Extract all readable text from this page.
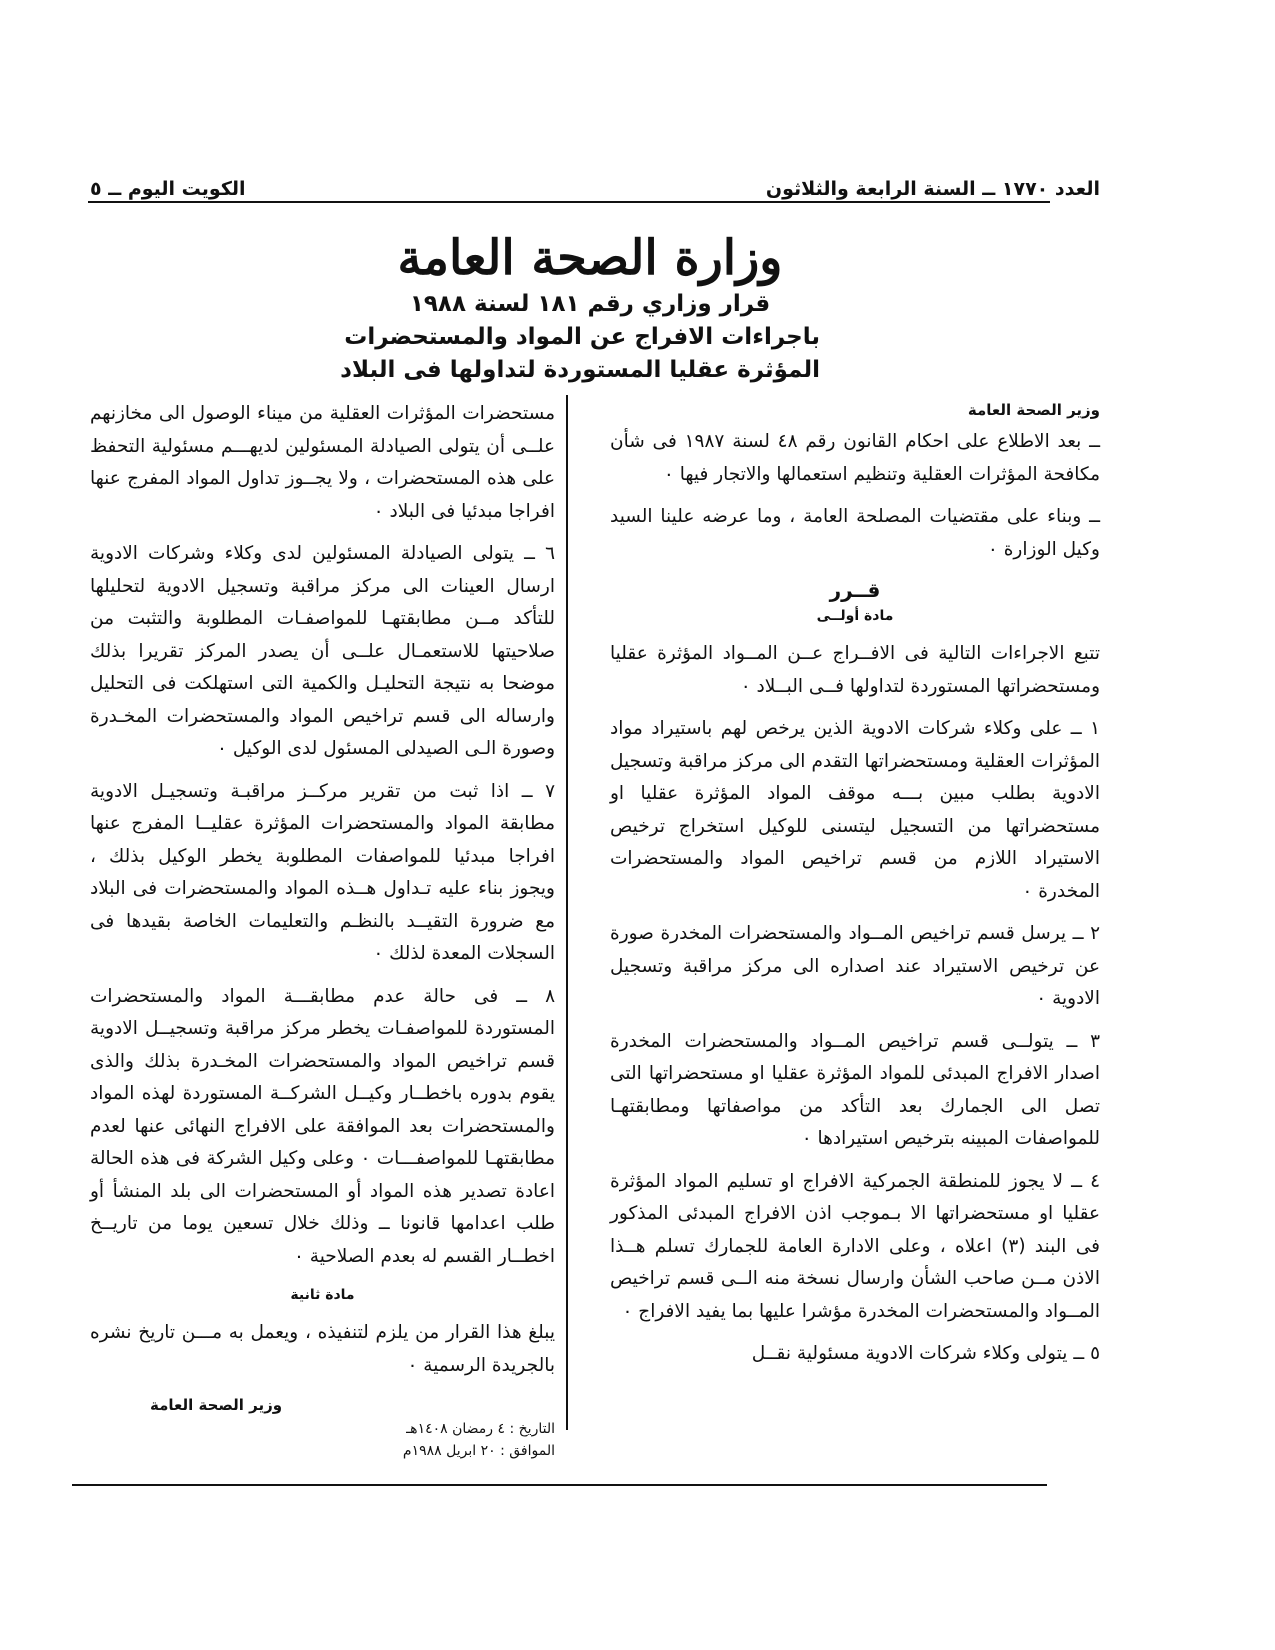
العدد ١٧٧٠ ــ السنة الرابعة والثلاثون
الكويت اليوم ــ ٥
وزارة الصحة العامة
قرار وزاري رقم ١٨١ لسنة ١٩٨٨
باجراءات الافراج عن المواد والمستحضرات
المؤثرة عقليا المستوردة لتداولها فى البلاد

وزير الصحة العامة

ــ بعد الاطلاع على احكام القانون رقم ٤٨ لسنة ١٩٨٧ فى شأن مكافحة المؤثرات العقلية وتنظيم استعمالها والاتجار فيها ٠

ــ وبناء على مقتضيات المصلحة العامة ، وما عرضه علينا السيد وكيل الوزارة ٠

قــرر

مادة أولــى

تتبع الاجراءات التالية فى الافــراج عــن المــواد المؤثرة عقليا ومستحضراتها المستوردة لتداولها فــى البــلاد ٠

١ ــ على وكلاء شركات الادوية الذين يرخص لهم باستيراد مواد المؤثرات العقلية ومستحضراتها التقدم الى مركز مراقبة وتسجيل الادوية بطلب مبين بـــه موقف المواد المؤثرة عقليا او مستحضراتها من التسجيل ليتسنى للوكيل استخراج ترخيص الاستيراد اللازم من قسم تراخيص المواد والمستحضرات المخدرة ٠

٢ ــ يرسل قسم تراخيص المــواد والمستحضرات المخدرة صورة عن ترخيص الاستيراد عند اصداره الى مركز مراقبة وتسجيل الادوية ٠

٣ ــ يتولــى قسم تراخيص المــواد والمستحضرات المخدرة اصدار الافراج المبدئى للمواد المؤثرة عقليا او مستحضراتها التى تصل الى الجمارك بعد التأكد من مواصفاتها ومطابقتهـا للمواصفات المبينه بترخيص استيرادها ٠

٤ ــ لا يجوز للمنطقة الجمركية الافراج او تسليم المواد المؤثرة عقليا او مستحضراتها الا بـموجب اذن الافراج المبدئى المذكور فى البند (٣) اعلاه ، وعلى الادارة العامة للجمارك تسلم هــذا الاذن مــن صاحب الشأن وارسال نسخة منه الــى قسم تراخيص المــواد والمستحضرات المخدرة مؤشرا عليها بما يفيد الافراج ٠

٥ ــ يتولى وكلاء شركات الادوية مسئولية نقــل

مستحضرات المؤثرات العقلية من ميناء الوصول الى مخازنهم علــى أن يتولى الصيادلة المسئولين لديهـــم مسئولية التحفظ على هذه المستحضرات ، ولا يجــوز تداول المواد المفرج عنها افراجا مبدئيا فى البلاد ٠

٦ ــ يتولى الصيادلة المسئولين لدى وكلاء وشركات الادوية ارسال العينات الى مركز مراقبة وتسجيل الادوية لتحليلها للتأكد مــن مطابقتهـا للمواصفـات المطلوبة والتثبت من صلاحيتها للاستعمـال علــى أن يصدر المركز تقريرا بذلك موضحا به نتيجة التحليـل والكمية التى استهلكت فى التحليل وارساله الى قسم تراخيص المواد والمستحضرات المخـدرة وصورة الـى الصيدلى المسئول لدى الوكيل ٠

٧ ــ اذا ثبت من تقرير مركــز مراقبـة وتسجيـل الادوية مطابقة المواد والمستحضرات المؤثرة عقليــا المفرج عنها افراجا مبدئيا للمواصفات المطلوبة يخطر الوكيل بذلك ، ويجوز بناء عليه تـداول هــذه المواد والمستحضرات فى البلاد مع ضرورة التقيــد بالنظـم والتعليمات الخاصة بقيدها فى السجلات المعدة لذلك ٠

٨ ــ فى حالة عدم مطابقـــة المواد والمستحضرات المستوردة للمواصفـات يخطر مركز مراقبة وتسجيــل الادوية قسم تراخيص المواد والمستحضرات المخـدرة بذلك والذى يقوم بدوره باخطــار وكيــل الشركــة المستوردة لهذه المواد والمستحضرات بعد الموافقة على الافراج النهائى عنها لعدم مطابقتهـا للمواصفـــات ٠ وعلى وكيل الشركة فى هذه الحالة اعادة تصدير هذه المواد أو المستحضرات الى بلد المنشأ أو طلب اعدامها قانونا ــ وذلك خلال تسعين يوما من تاريــخ اخطــار القسم له بعدم الصلاحية ٠

مادة ثانية

يبلغ هذا القرار من يلزم لتنفيذه ، ويعمل به مـــن تاريخ نشره بالجريدة الرسمية ٠

وزير الصحة العامة

التاريخ : ٤ رمضان ١٤٠٨هـ

الموافق : ٢٠ ابريل ١٩٨٨م
